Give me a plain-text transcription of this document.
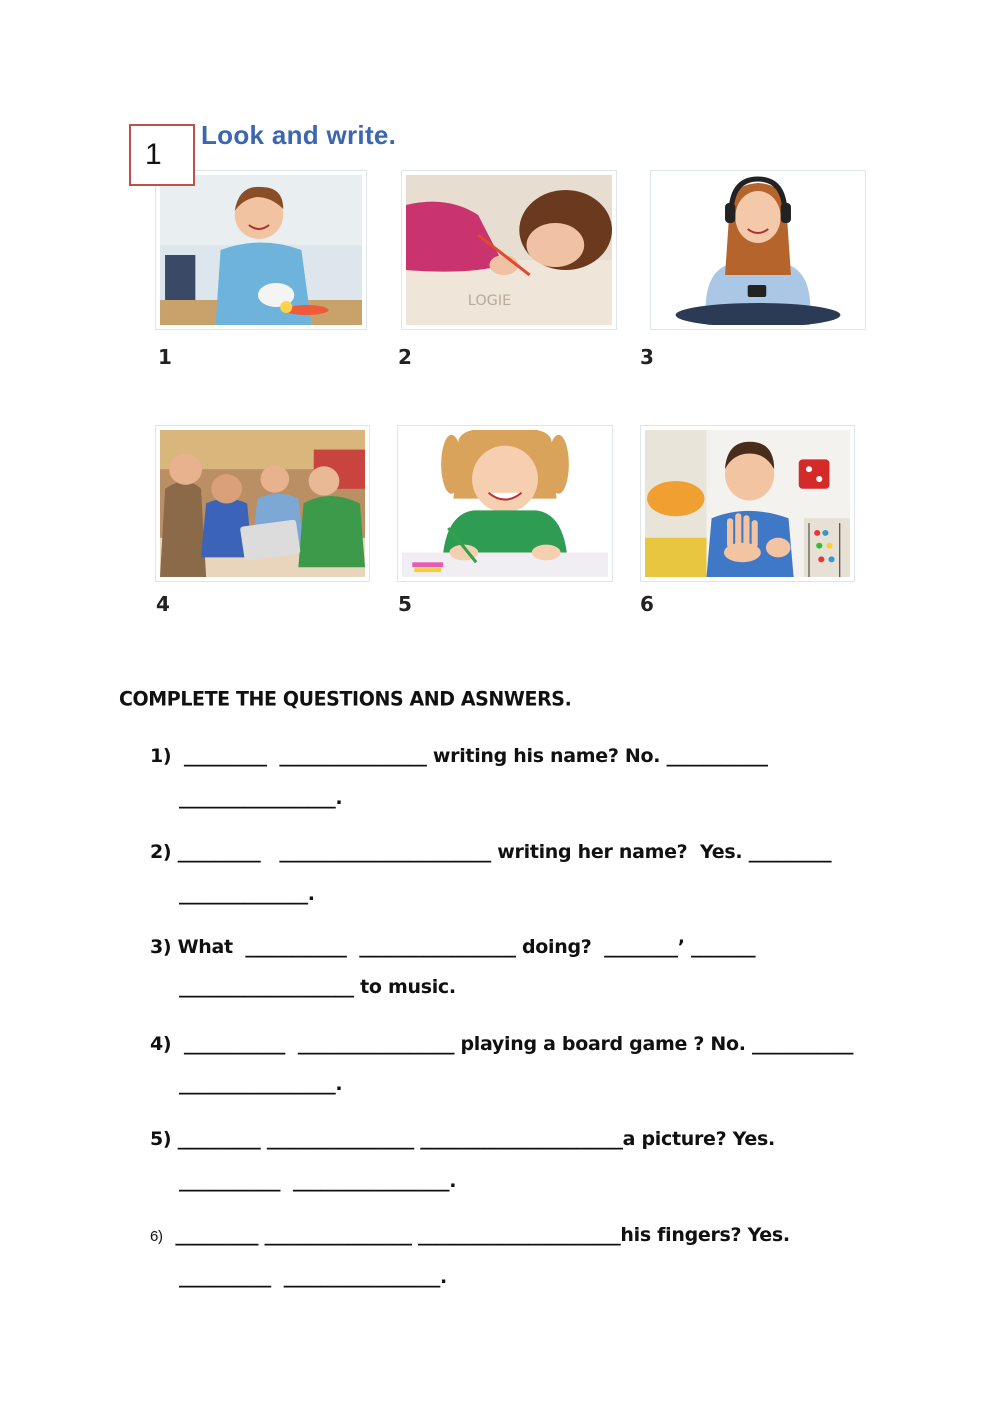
1
Look and write.
1
LOGIE
2	3
4	5	6
COMPLETE THE QUESTIONS AND ASNWERS.
1)  _________  ________________ writing his name? No. ___________
_________________.
2) _________   _______________________ writing her name?  Yes. _________
______________.
3) What  ___________  _________________ doing?  ________’ _______
___________________ to music.
4)  ___________  _________________ playing a board game ? No. ___________
_________________.
5) _________ ________________ ______________________a picture? Yes.
___________  _________________.
6) _________ ________________ ______________________his fingers? Yes.
__________  _________________.
